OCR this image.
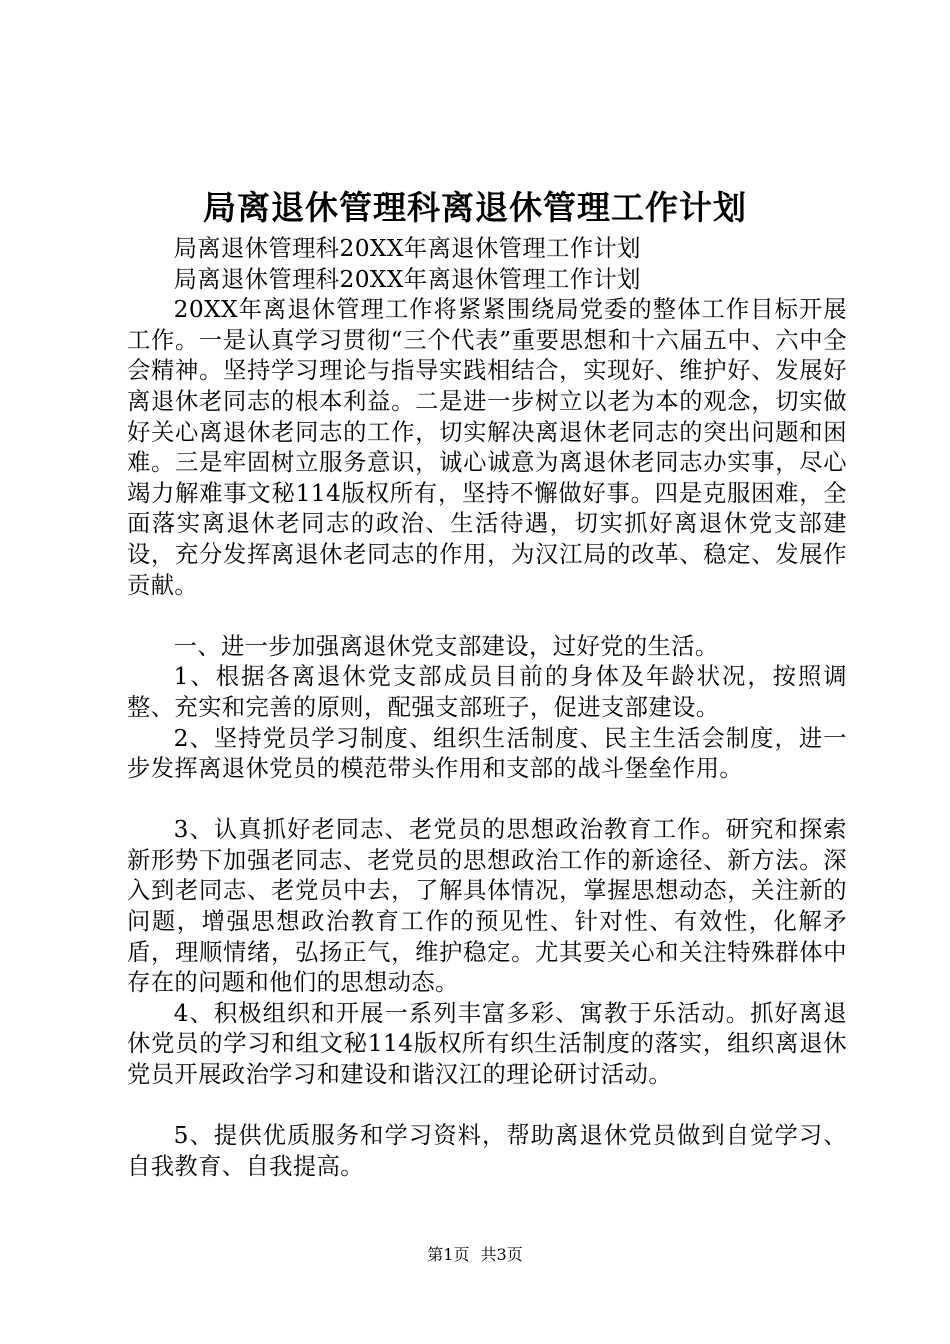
局离退休管理科离退休管理工作计划

局离退休管理科20XX年离退休管理工作计划

局离退休管理科20XX年离退休管理工作计划

20XX年离退休管理工作将紧紧围绕局党委的整体工作目标开展工作。一是认真学习贯彻“三个代表”重要思想和十六届五中、六中全会精神。坚持学习理论与指导实践相结合，实现好、维护好、发展好离退休老同志的根本利益。二是进一步树立以老为本的观念，切实做好关心离退休老同志的工作，切实解决离退休老同志的突出问题和困难。三是牢固树立服务意识，诚心诚意为离退休老同志办实事，尽心竭力解难事文秘114版权所有，坚持不懈做好事。四是克服困难，全面落实离退休老同志的政治、生活待遇，切实抓好离退休党支部建设，充分发挥离退休老同志的作用，为汉江局的改革、稳定、发展作贡献。

一、进一步加强离退休党支部建设，过好党的生活。

1、根据各离退休党支部成员目前的身体及年龄状况，按照调整、充实和完善的原则，配强支部班子，促进支部建设。

2、坚持党员学习制度、组织生活制度、民主生活会制度，进一步发挥离退休党员的模范带头作用和支部的战斗堡垒作用。

3、认真抓好老同志、老党员的思想政治教育工作。研究和探索新形势下加强老同志、老党员的思想政治工作的新途径、新方法。深入到老同志、老党员中去，了解具体情况，掌握思想动态，关注新的问题，增强思想政治教育工作的预见性、针对性、有效性，化解矛盾，理顺情绪，弘扬正气，维护稳定。尤其要关心和关注特殊群体中存在的问题和他们的思想动态。

4、积极组织和开展一系列丰富多彩、寓教于乐活动。抓好离退休党员的学习和组文秘114版权所有织生活制度的落实，组织离退休党员开展政治学习和建设和谐汉江的理论研讨活动。

5、提供优质服务和学习资料，帮助离退休党员做到自觉学习、自我教育、自我提高。

第1页 共3页
